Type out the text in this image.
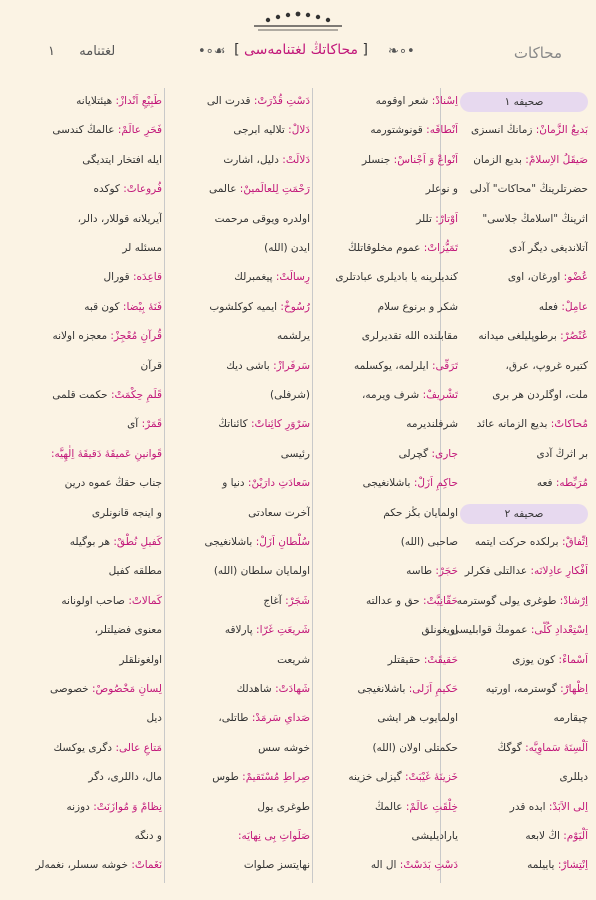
لغتنامه  ١	•∘☙	[ محاكاتڭ لغتنامەسى ]	❧∘•	محاكات
صحیفه ١
بَدیعُ الزَّمانْ: زمانڭ انسىزى
صَیقَلُ الاِسلامْ: بدیع الزمان
حضرتلرینڭ "محاكات" آدلى
اثرینڭ "اسلامڭ جلاسى"
آتلاندیغى دیگر آدى
عُضْو: اورغان، اوی
عامِلْ: فعله
عُنْصُرْ: برطوپلیلغى میدانه
كتیره غروپ، عرق،
ملت، اوگلردن هر برى
مُحاكاتْ: بدیع الزمانه عائد
بر اثرڭ آدى
مُرَبِّطه: فعه
صحیفه ٢
اِتِّفاقْ: برلكده حركت ایتمه
اَفْكارِ عادِلانَه: عدالتلى فكرلر
اِرْشادْ: طوغرى یولى گوسترمه
اِسْتِعْدادِ كُلّی: عمومڭ قوابلیسى
اَسْماءْ: كون یوزى
اِظْهارْ: گوسترمه، اورتیه
چیقارمه
اَلْسِنَهٔ سَماوِیَّه: گوگڭ
دیللرى
اِلی الاَبَدْ: ابده قدر
اَلْیَوْم: اڭ لابعه
اِنْتِشارْ: یاییلمه
اِسْنادْ: شعر اوقومه
اَنْطاقَه: قونوشتورمه
اَنْواعْ وَ اَجْناسْ: جنسلر
و نوعلر
اَوْتارْ: تللر
تَمَیُّزاتْ: عموم مخلوقاتلڭ
كنديلرينه يا باديلرى عبادتلرى
شكر و برنوع سلام
مقابلنده الله تقدیرلرى
تَرَقّی: ایلرلمه، یوكسلمه
تَشْریفْ: شرف ویرمه،
شرفلندیرمه
جاری: گچرلى
حاكِمِ اَزَلْ: باشلانغیجى
اولمایان بڭز حكم
صاحبى (الله)
حَجَرْ: طاسه
حَقّانِیَّتْ: حق و عدالته
اویغونلق
حَقیقَتْ: حقیقتلر
حَكیمِ اَزَلی: باشلانغیجى
اولمایوب هر ایشى
حكمتلى اولان (الله)
خَزینَهٔ غَیْبَتْ: گیزلى خزینه
خِلْقَتِ عالَمْ: عالمڭ
یارادیلیشى
دَسْتِ بَدَسْتْ: ال اله
دَسْتِ قُدْرَتْ: قدرت الى
دَلالْ: تلالیه ابرجی
دَلالَتْ: دلیل، اشارت
رَحْمَتِ لِلعالَمینْ: عالمى
اولدره ویوقى مرحمت
ایدن (الله)
رِسالَتْ: پیغمبرلك
رُسُوخْ: ایمیه كوكلشوب
یرلشمه
سَرفَرازْ: باشى دیك
(شرفلى)
سَرْوَرِ كائِناتْ: كائناتڭ
رئیسى
سَعادَتِ دارَیْنْ: دنیا و
آخرت سعادتى
سُلْطانِ اَزَلْ: باشلانغیجى
اولمایان سلطان (الله)
شَجَرْ: آغاج
شَریعَتِ غَرّا: پارلاقه
شریعت
شَهادَتْ: شاهدلك
صَدایِ سَرمَدْ: طاتلى،
خوشه سس
صِراطِ مُسْتَقیمْ: طوس
طوغرى یول
صَلَواتِ بِی نِهایَه:
نهایتسز صلوات
طَبِیْعِ اَنْدازْ: هیئتلایانه
فَحَرِ عالَمْ: عالمڭ كندسى
ایله افتخار ایتدیگى
فُروعاتْ: كوكده
آیریلانه قوللار، دالر،
مسئله لر
قاعِدَه: قورال
فَنَهٔ بِیْضا: كون قبه
قُرآنِ مُعْجِزْ: معجزه اولانه
قرآن
قَلَمِ حِكْمَتْ: حكمت قلمى
قَمَرْ: آى
قَوانینِ عَمیقَهٔ دَقیقَهٔ اِلٰهِیَّه:
جناب حقڭ عموه درين
و اينجه قانونلرى
كَفیلِ نُطْقْ: هر بوگیله
مطلقه كفیل
كَمالاتْ: صاحب اولونانه
معنوى فضیلتلر،
اولغونلقلر
لِسانِ مَخْصُوصْ: خصوصى
دیل
مَتاعِ عالی: دگرى یوكسك
مال، داللرى، دگر
نِظامْ وَ مُوازَنَتْ: دوزنه
و دنگه
نَغَماتْ: خوشه سسلر، نغمەلر
